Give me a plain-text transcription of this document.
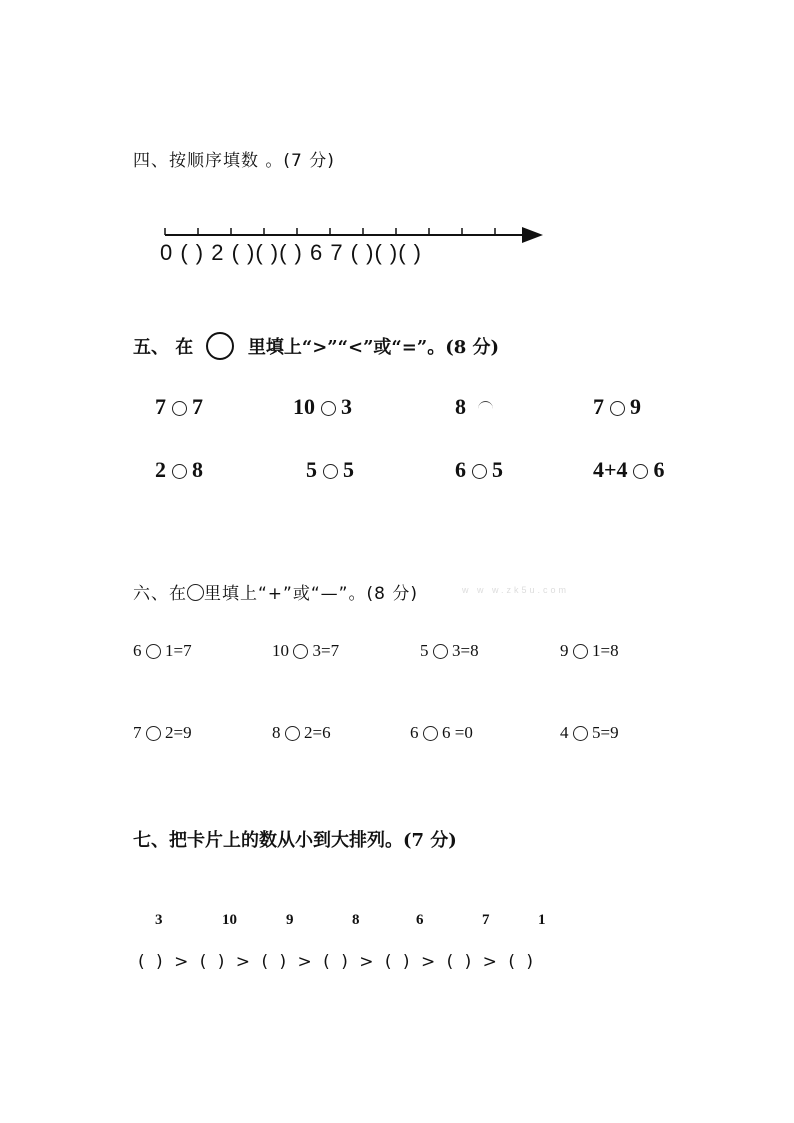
四、按顺序填数 。(7 分)
0 ( ) 2 ( )( )( ) 6 7 ( )( )( )
五、 在	里填上“>”“<”或“=”。(8 分)
7 7	10 3	8	7 9
2 8	5 5	6 5	4+4 6
六、在 里填上“+”或“—”。(8 分)	w w w.zk5u.com
6 1=7	10 3=7	5 3=8	9 1=8
7 2=9	8 2=6	6 6 =0	4 5=9
七、把卡片上的数从小到大排列。(7 分)
3	10	9	8	6	7	1
( ) > ( ) > ( ) > ( ) > ( ) > ( ) > ( )
